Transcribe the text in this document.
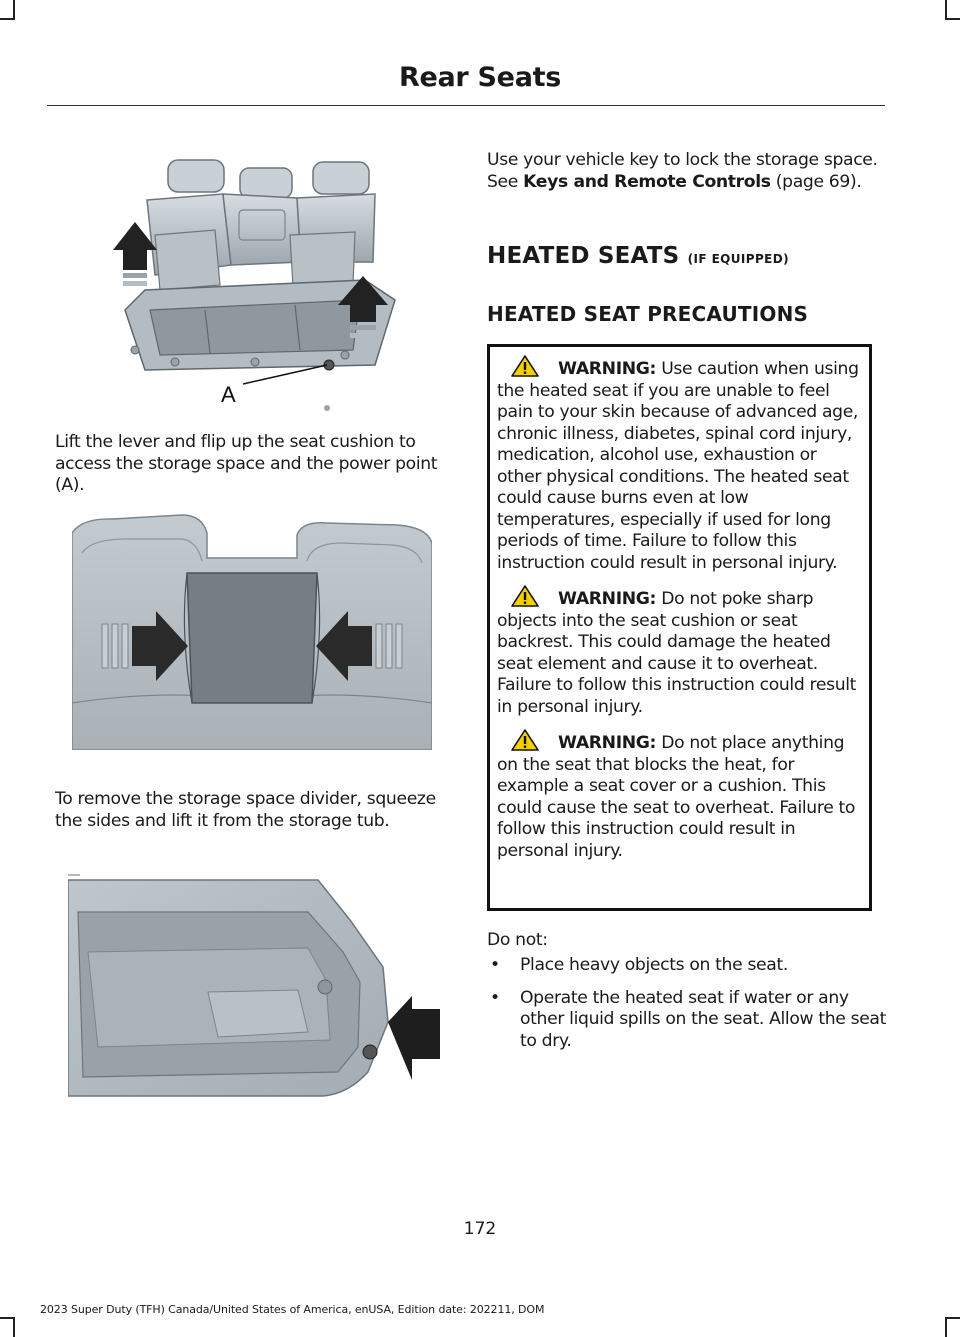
Rear Seats
A

Lift the lever and flip up the seat cushion to access the storage space and the power point (A).

To remove the storage space divider, squeeze the sides and lift it from the storage tub.

Use your vehicle key to lock the storage space. See Keys and Remote Controls (page 69).

HEATED SEATS (IF EQUIPPED)
HEATED SEAT PRECAUTIONS

WARNING: Use caution when using the heated seat if you are unable to feel pain to your skin because of advanced age, chronic illness, diabetes, spinal cord injury, medication, alcohol use, exhaustion or other physical conditions. The heated seat could cause burns even at low temperatures, especially if used for long periods of time. Failure to follow this instruction could result in personal injury.

WARNING: Do not poke sharp objects into the seat cushion or seat backrest. This could damage the heated seat element and cause it to overheat. Failure to follow this instruction could result in personal injury.

WARNING: Do not place anything on the seat that blocks the heat, for example a seat cover or a cushion. This could cause the seat to overheat. Failure to follow this instruction could result in personal injury.

Do not:

• Place heavy objects on the seat.
• Operate the heated seat if water or any other liquid spills on the seat. Allow the seat to dry.
172
2023 Super Duty (TFH) Canada/United States of America, enUSA, Edition date: 202211, DOM
